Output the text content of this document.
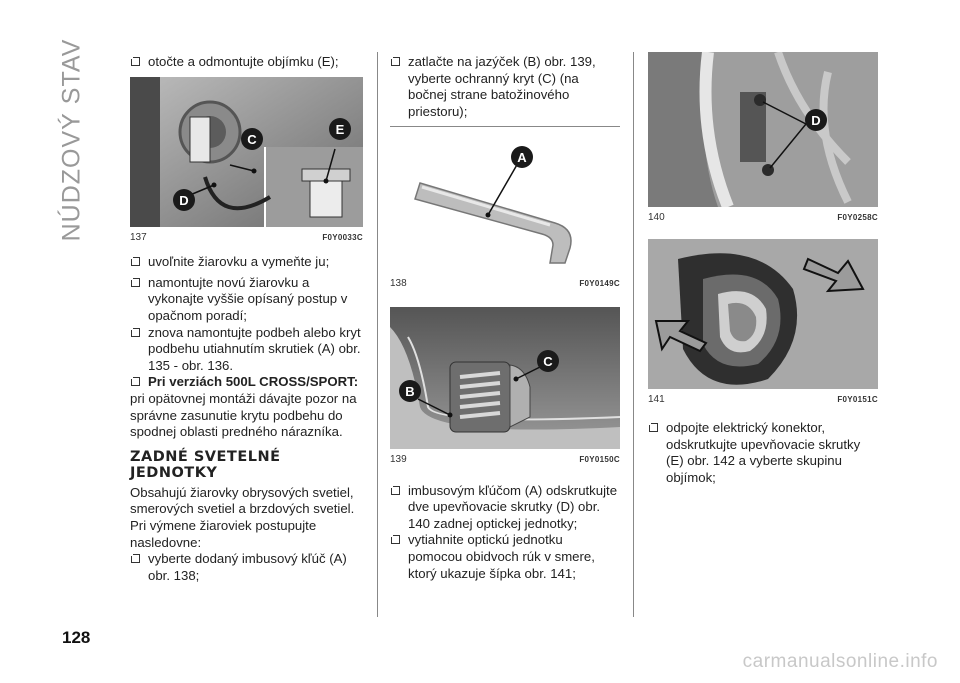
NÚDZOVÝ STAV
128

otočte a odmontujte objímku (E);

C
E
D
137	F0Y0033C

uvoľnite žiarovku a vymeňte ju;

namontujte novú žiarovku a vykonajte vyššie opísaný postup v opačnom poradí;

znova namontujte podbeh alebo kryt podbehu utiahnutím skrutiek (A) obr. 135 - obr. 136.

Pri verziách 500L CROSS/SPORT:

pri opätovnej montáži dávajte pozor na správne zasunutie krytu podbehu do spodnej oblasti predného nárazníka.

ZADNÉ SVETELNÉ JEDNOTKY

Obsahujú žiarovky obrysových svetiel, smerových svetiel a brzdových svetiel. Pri výmene žiaroviek postupujte nasledovne:

vyberte dodaný imbusový kľúč (A) obr. 138;

zatlačte na jazýček (B) obr. 139, vyberte ochranný kryt (C) (na bočnej strane batožinového priestoru);

A
138	F0Y0149C
C
B
139	F0Y0150C

imbusovým kľúčom (A) odskrutkujte dve upevňovacie skrutky (D) obr. 140 zadnej optickej jednotky;

vytiahnite optickú jednotku pomocou obidvoch rúk v smere, ktorý ukazuje šípka obr. 141;

D
140	F0Y0258C
141	F0Y0151C

odpojte elektrický konektor, odskrutkujte upevňovacie skrutky (E) obr. 142 a vyberte skupinu objímok;

carmanualsonline.info
